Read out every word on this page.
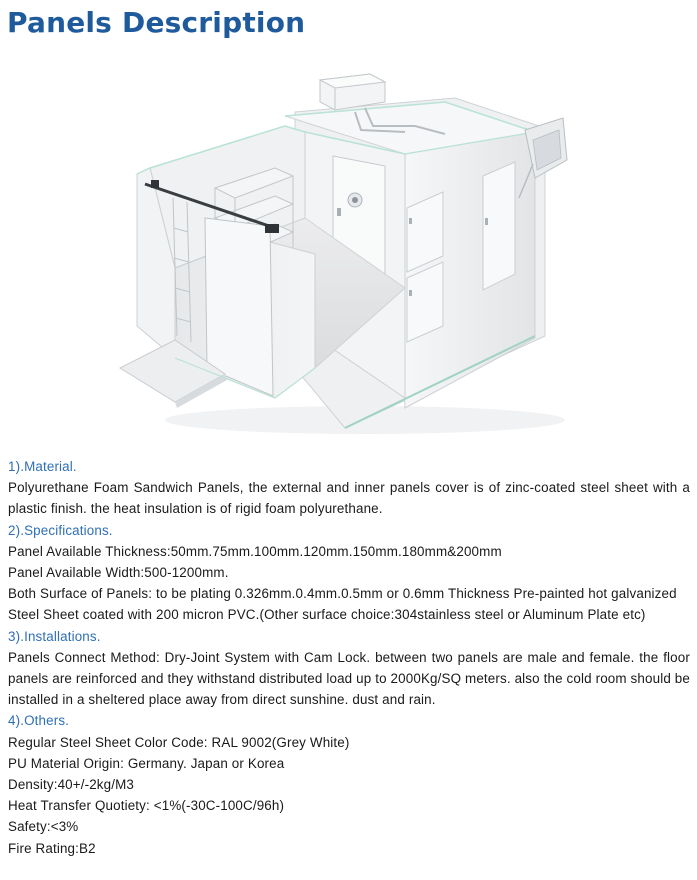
Panels Description

1).Material.

Polyurethane Foam Sandwich Panels, the external and inner panels cover is of zinc-coated steel sheet with a plastic finish. the heat insulation is of rigid foam polyurethane.

2).Specifications.

Panel Available Thickness:50mm.75mm.100mm.120mm.150mm.180mm&200mm

Panel Available Width:500-1200mm.

Both Surface of Panels: to be plating 0.326mm.0.4mm.0.5mm or 0.6mm Thickness Pre-painted hot galvanized

Steel Sheet coated with 200 micron PVC.(Other surface choice:304stainless steel or Aluminum Plate etc)

3).Installations.

Panels Connect Method: Dry-Joint System with Cam Lock. between two panels are male and female. the floor panels are reinforced and they withstand distributed load up to 2000Kg/SQ meters. also the cold room should be installed in a sheltered place away from direct sunshine. dust and rain.

4).Others.

Regular Steel Sheet Color Code: RAL 9002(Grey White)

PU Material Origin: Germany. Japan or Korea

Density:40+/-2kg/M3

Heat Transfer Quotiety: <1%(-30C-100C/96h)

Safety:<3%

Fire Rating:B2
